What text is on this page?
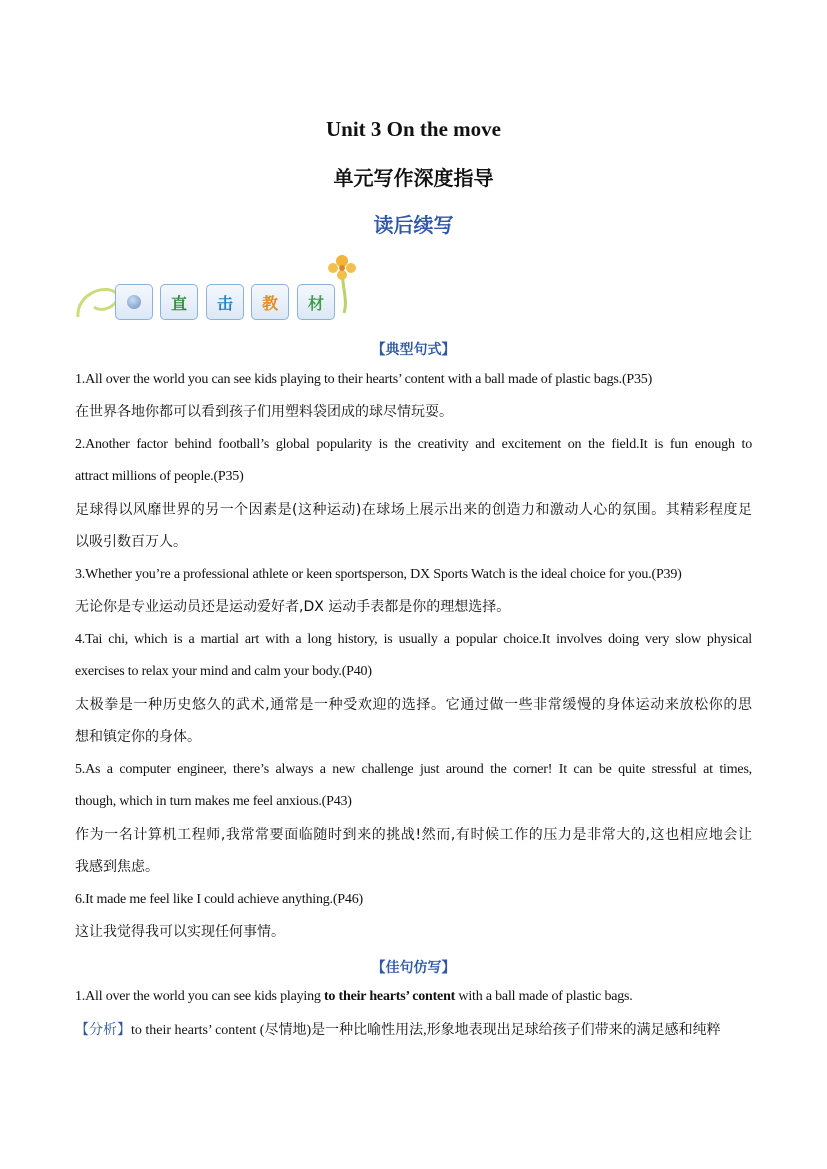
Unit 3 On the move
单元写作深度指导
读后续写
直 击 教 材
【典型句式】
1.All over the world you can see kids playing to their hearts’ content with a ball made of plastic bags.(P35)
在世界各地你都可以看到孩子们用塑料袋团成的球尽情玩耍。
2.Another factor behind football’s global popularity is the creativity and excitement on the field.It is fun enough to
attract millions of people.(P35)
足球得以风靡世界的另一个因素是(这种运动)在球场上展示出来的创造力和激动人心的氛围。其精彩程度足
以吸引数百万人。
3.Whether you’re a professional athlete or keen sportsperson, DX Sports Watch is the ideal choice for you.(P39)
无论你是专业运动员还是运动爱好者,DX 运动手表都是你的理想选择。
4.Tai chi, which is a martial art with a long history, is usually a popular choice.It involves doing very slow physical
exercises to relax your mind and calm your body.(P40)
太极拳是一种历史悠久的武术,通常是一种受欢迎的选择。它通过做一些非常缓慢的身体运动来放松你的思
想和镇定你的身体。
5.As a computer engineer, there’s always a new challenge just around the corner! It can be quite stressful at times,
though, which in turn makes me feel anxious.(P43)
作为一名计算机工程师,我常常要面临随时到来的挑战!然而,有时候工作的压力是非常大的,这也相应地会让
我感到焦虑。
6.It made me feel like I could achieve anything.(P46)
这让我觉得我可以实现任何事情。
【佳句仿写】
1.All over the world you can see kids playing to their hearts’ content with a ball made of plastic bags.
【分析】to their hearts’ content (尽情地)是一种比喻性用法,形象地表现出足球给孩子们带来的满足感和纯粹
